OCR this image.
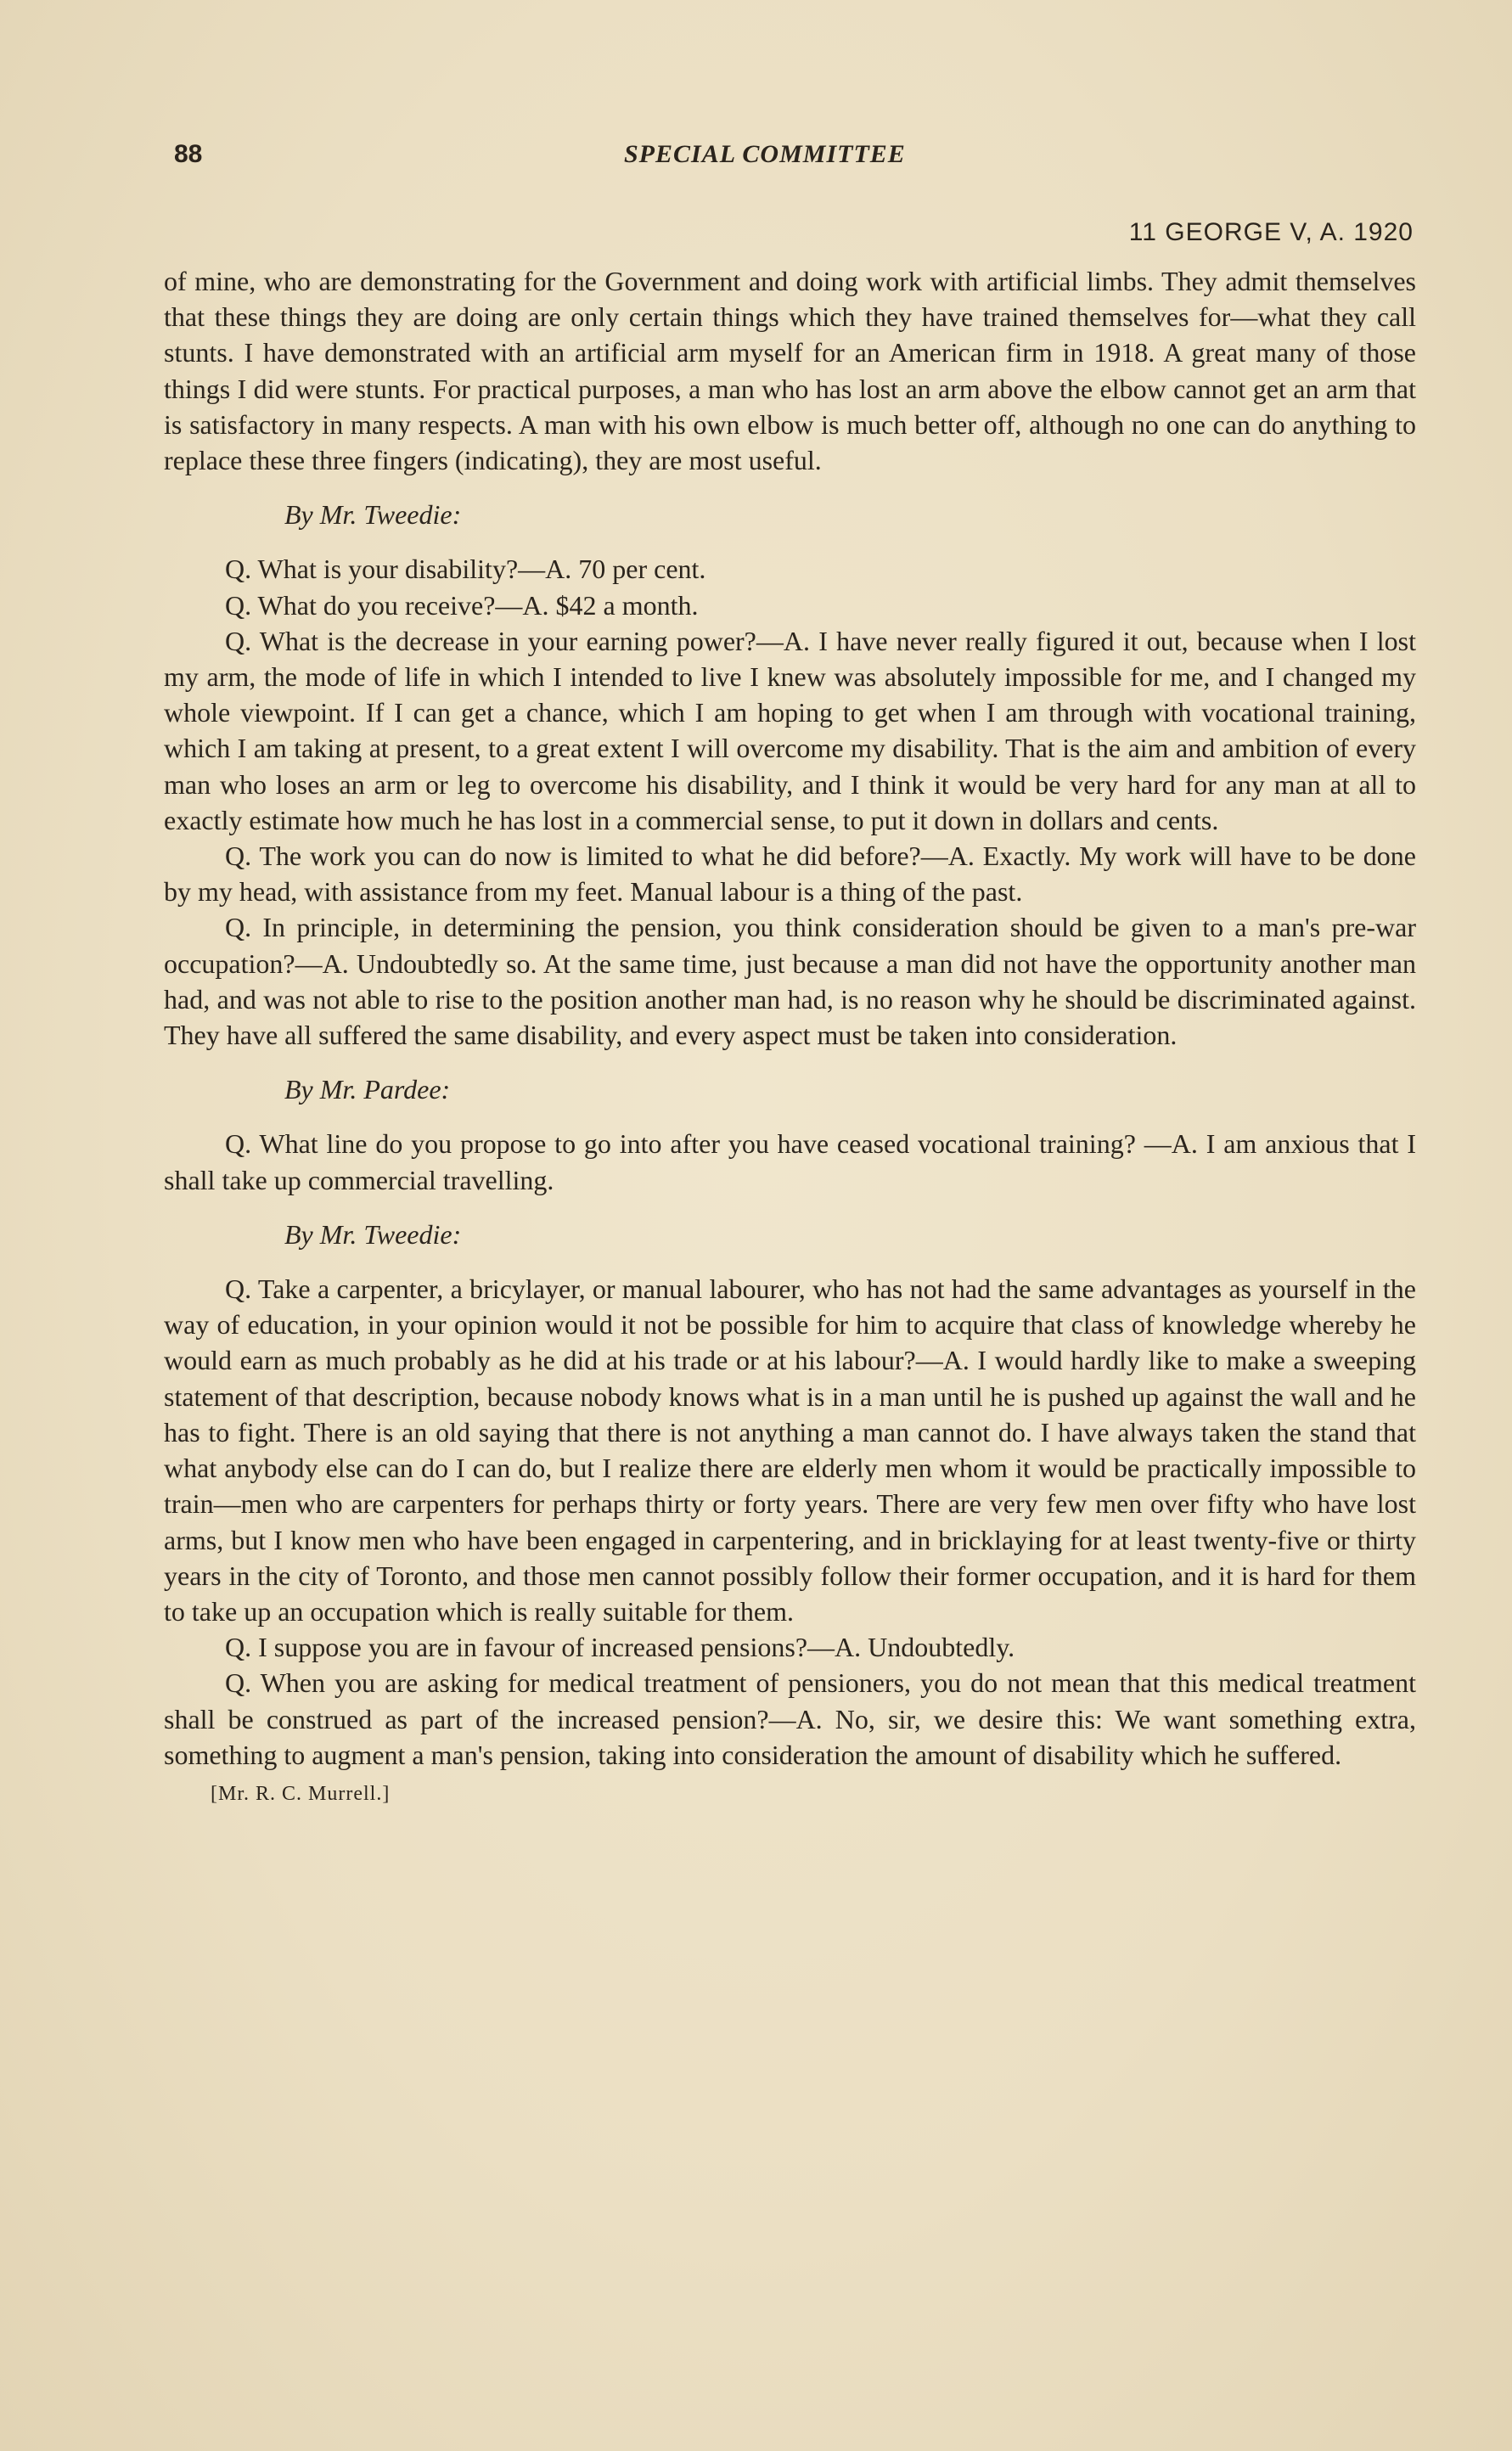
88	SPECIAL COMMITTEE
11 GEORGE V, A. 1920

of mine, who are demonstrating for the Government and doing work with artificial limbs. They admit themselves that these things they are doing are only certain things which they have trained themselves for—what they call stunts. I have demonstrated with an artificial arm myself for an American firm in 1918. A great many of those things I did were stunts. For practical purposes, a man who has lost an arm above the elbow cannot get an arm that is satisfactory in many respects. A man with his own elbow is much better off, although no one can do anything to replace these three fingers (indicating), they are most useful.

By Mr. Tweedie:

Q. What is your disability?—A. 70 per cent.

Q. What do you receive?—A. $42 a month.

Q. What is the decrease in your earning power?—A. I have never really figured it out, because when I lost my arm, the mode of life in which I intended to live I knew was absolutely impossible for me, and I changed my whole viewpoint. If I can get a chance, which I am hoping to get when I am through with vocational training, which I am taking at present, to a great extent I will overcome my disability. That is the aim and ambition of every man who loses an arm or leg to overcome his disability, and I think it would be very hard for any man at all to exactly estimate how much he has lost in a commercial sense, to put it down in dollars and cents.

Q. The work you can do now is limited to what he did before?—A. Exactly. My work will have to be done by my head, with assistance from my feet. Manual labour is a thing of the past.

Q. In principle, in determining the pension, you think consideration should be given to a man's pre-war occupation?—A. Undoubtedly so. At the same time, just because a man did not have the opportunity another man had, and was not able to rise to the position another man had, is no reason why he should be discriminated against. They have all suffered the same disability, and every aspect must be taken into consideration.

By Mr. Pardee:

Q. What line do you propose to go into after you have ceased vocational training? —A. I am anxious that I shall take up commercial travelling.

By Mr. Tweedie:

Q. Take a carpenter, a bricylayer, or manual labourer, who has not had the same advantages as yourself in the way of education, in your opinion would it not be possible for him to acquire that class of knowledge whereby he would earn as much probably as he did at his trade or at his labour?—A. I would hardly like to make a sweeping statement of that description, because nobody knows what is in a man until he is pushed up against the wall and he has to fight. There is an old saying that there is not anything a man cannot do. I have always taken the stand that what anybody else can do I can do, but I realize there are elderly men whom it would be practically impossible to train—men who are carpenters for perhaps thirty or forty years. There are very few men over fifty who have lost arms, but I know men who have been engaged in carpentering, and in bricklaying for at least twenty-five or thirty years in the city of Toronto, and those men cannot possibly follow their former occupation, and it is hard for them to take up an occupation which is really suitable for them.

Q. I suppose you are in favour of increased pensions?—A. Undoubtedly.

Q. When you are asking for medical treatment of pensioners, you do not mean that this medical treatment shall be construed as part of the increased pension?—A. No, sir, we desire this: We want something extra, something to augment a man's pension, taking into consideration the amount of disability which he suffered.

[Mr. R. C. Murrell.]
